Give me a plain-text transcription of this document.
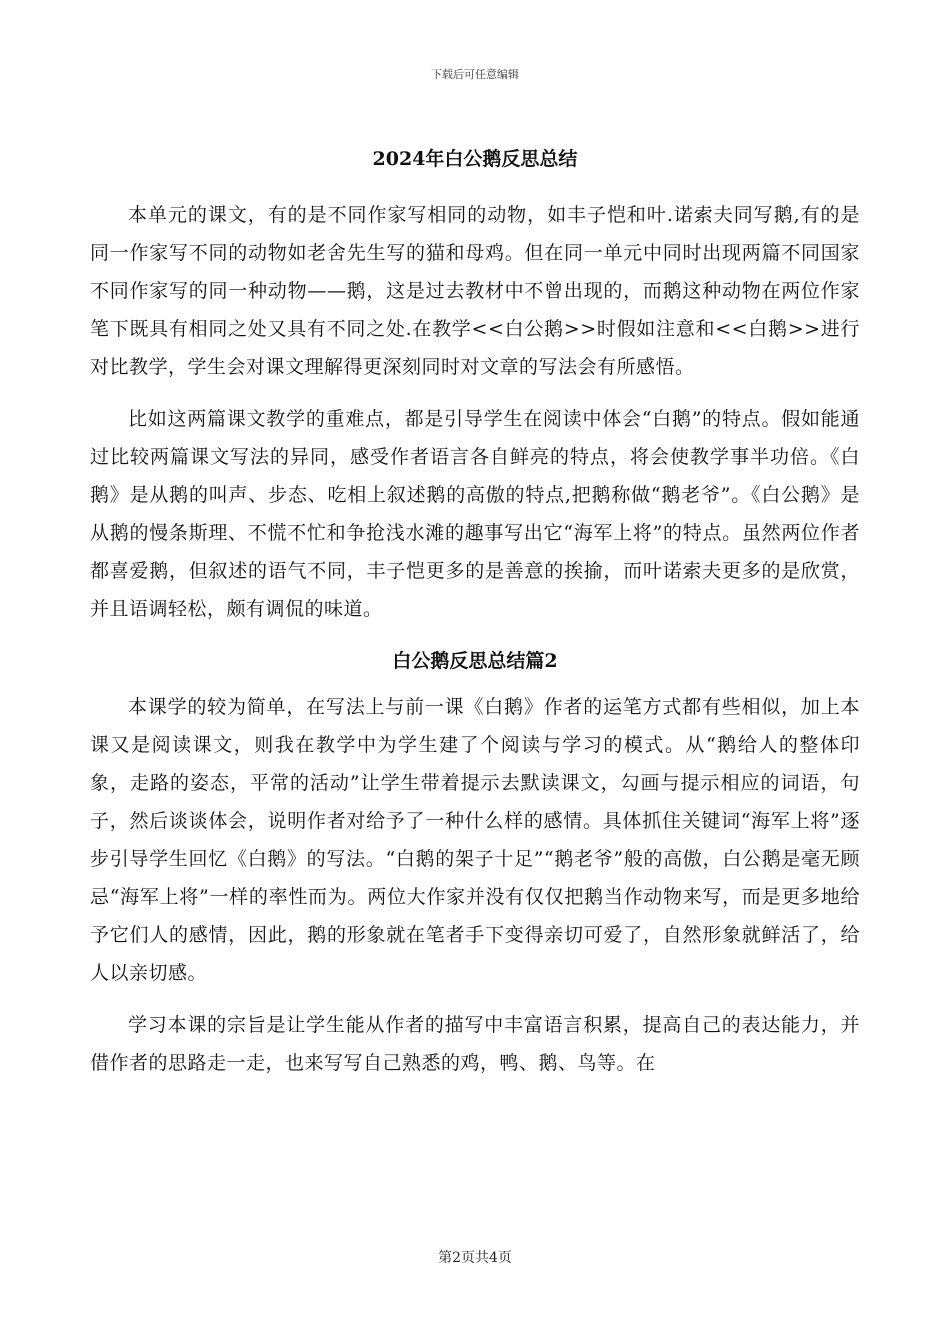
下载后可任意编辑
2024年白公鹅反思总结

本单元的课文，有的是不同作家写相同的动物，如丰子恺和叶.诺索夫同写鹅,有的是同一作家写不同的动物如老舍先生写的猫和母鸡。但在同一单元中同时出现两篇不同国家不同作家写的同一种动物——鹅，这是过去教材中不曾出现的，而鹅这种动物在两位作家笔下既具有相同之处又具有不同之处.在教学<<白公鹅>>时假如注意和<<白鹅>>进行对比教学，学生会对课文理解得更深刻同时对文章的写法会有所感悟。

比如这两篇课文教学的重难点，都是引导学生在阅读中体会“白鹅”的特点。假如能通过比较两篇课文写法的异同，感受作者语言各自鲜亮的特点，将会使教学事半功倍。《白鹅》是从鹅的叫声、步态、吃相上叙述鹅的高傲的特点,把鹅称做“鹅老爷”。《白公鹅》是从鹅的慢条斯理、不慌不忙和争抢浅水滩的趣事写出它“海军上将”的特点。虽然两位作者都喜爱鹅，但叙述的语气不同，丰子恺更多的是善意的挨揄，而叶诺索夫更多的是欣赏，并且语调轻松，颇有调侃的味道。

白公鹅反思总结篇2

本课学的较为简单，在写法上与前一课《白鹅》作者的运笔方式都有些相似，加上本课又是阅读课文，则我在教学中为学生建了个阅读与学习的模式。从“鹅给人的整体印象，走路的姿态，平常的活动”让学生带着提示去默读课文，勾画与提示相应的词语，句子，然后谈谈体会，说明作者对给予了一种什么样的感情。具体抓住关键词“海军上将”逐步引导学生回忆《白鹅》的写法。“白鹅的架子十足”“鹅老爷”般的高傲，白公鹅是毫无顾忌“海军上将”一样的率性而为。两位大作家并没有仅仅把鹅当作动物来写，而是更多地给予它们人的感情，因此，鹅的形象就在笔者手下变得亲切可爱了，自然形象就鲜活了，给人以亲切感。

学习本课的宗旨是让学生能从作者的描写中丰富语言积累，提高自己的表达能力，并借作者的思路走一走，也来写写自己熟悉的鸡，鸭、鹅、鸟等。在

第2页共4页
